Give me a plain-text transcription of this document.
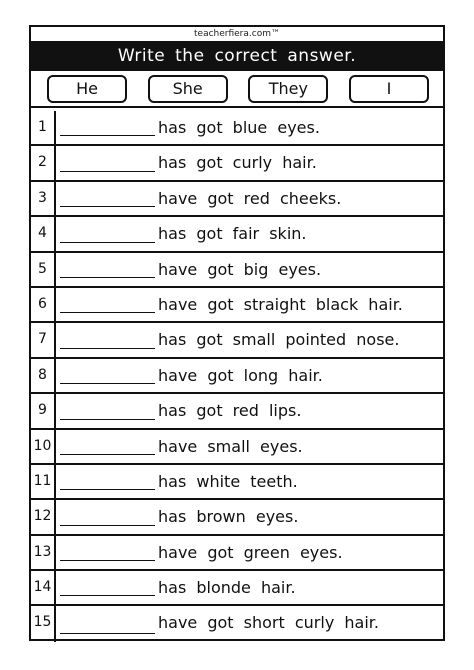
teacherfiera.com™
Write the correct answer.
He	She	They	I
1	has got blue eyes.
2	has got curly hair.
3	have got red cheeks.
4	has got fair skin.
5	have got big eyes.
6	have got straight black hair.
7	has got small pointed nose.
8	have got long hair.
9	has got red lips.
10	have small eyes.
11	has white teeth.
12	has brown eyes.
13	have got green eyes.
14	has blonde hair.
15	have got short curly hair.
